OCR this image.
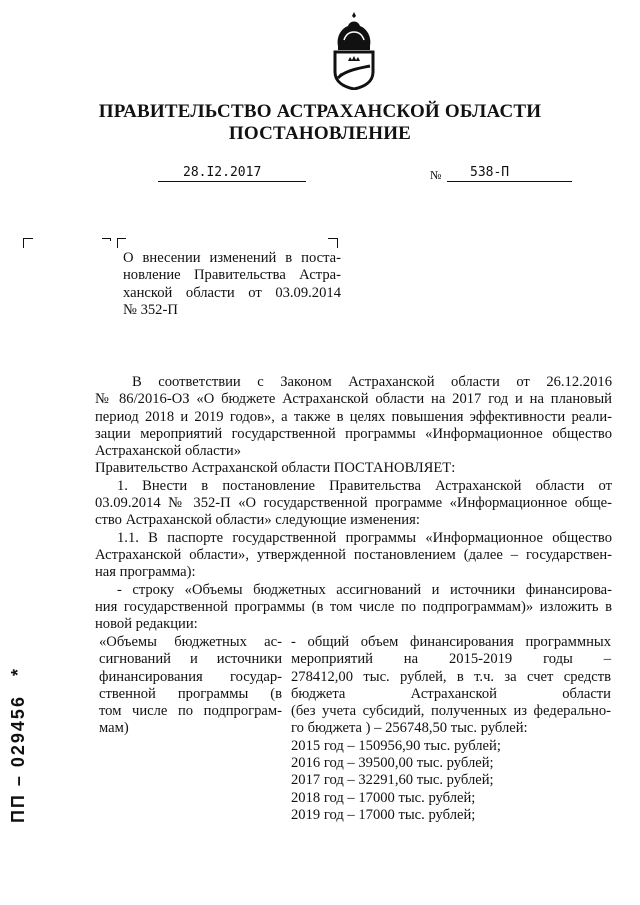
ПРАВИТЕЛЬСТВО АСТРАХАНСКОЙ ОБЛАСТИ
ПОСТАНОВЛЕНИЕ
28.I2.2017	№ 538-П
О внесении изменений в поста-
новление Правительства Астра-
ханской области от 03.09.2014
№ 352-П
В соответствии с Законом Астраханской области от 26.12.2016
№ 86/2016-ОЗ «О бюджете Астраханской области на 2017 год и на плановый
период 2018 и 2019 годов», а также в целях повышения эффективности реали-
зации мероприятий государственной программы «Информационное общество
Астраханской области»
Правительство Астраханской области ПОСТАНОВЛЯЕТ:
1. Внести в постановление Правительства Астраханской области от
03.09.2014 № 352-П «О государственной программе «Информационное обще-
ство Астраханской области» следующие изменения:
1.1. В паспорте государственной программы «Информационное общество
Астраханской области», утвержденной постановлением (далее – государствен-
ная программа):
- строку «Объемы бюджетных ассигнований и источники финансирова-
ния государственной программы (в том числе по подпрограммам)» изложить в
новой редакции:
«Объемы бюджетных ас-
сигнований и источники
финансирования государ-
ственной программы (в
том числе по подпрограм-
мам)
- общий объем финансирования программных
мероприятий на 2015-2019 годы –
278412,00 тыс. рублей, в т.ч. за счет средств
бюджета Астраханской области
(без учета субсидий, полученных из федерально-
го бюджета ) – 256748,50 тыс. рублей:
2015 год – 150956,90 тыс. рублей;
2016 год – 39500,00 тыс. рублей;
2017 год – 32291,60 тыс. рублей;
2018 год – 17000 тыс. рублей;
2019 год – 17000 тыс. рублей;
ПП – 029456 *
